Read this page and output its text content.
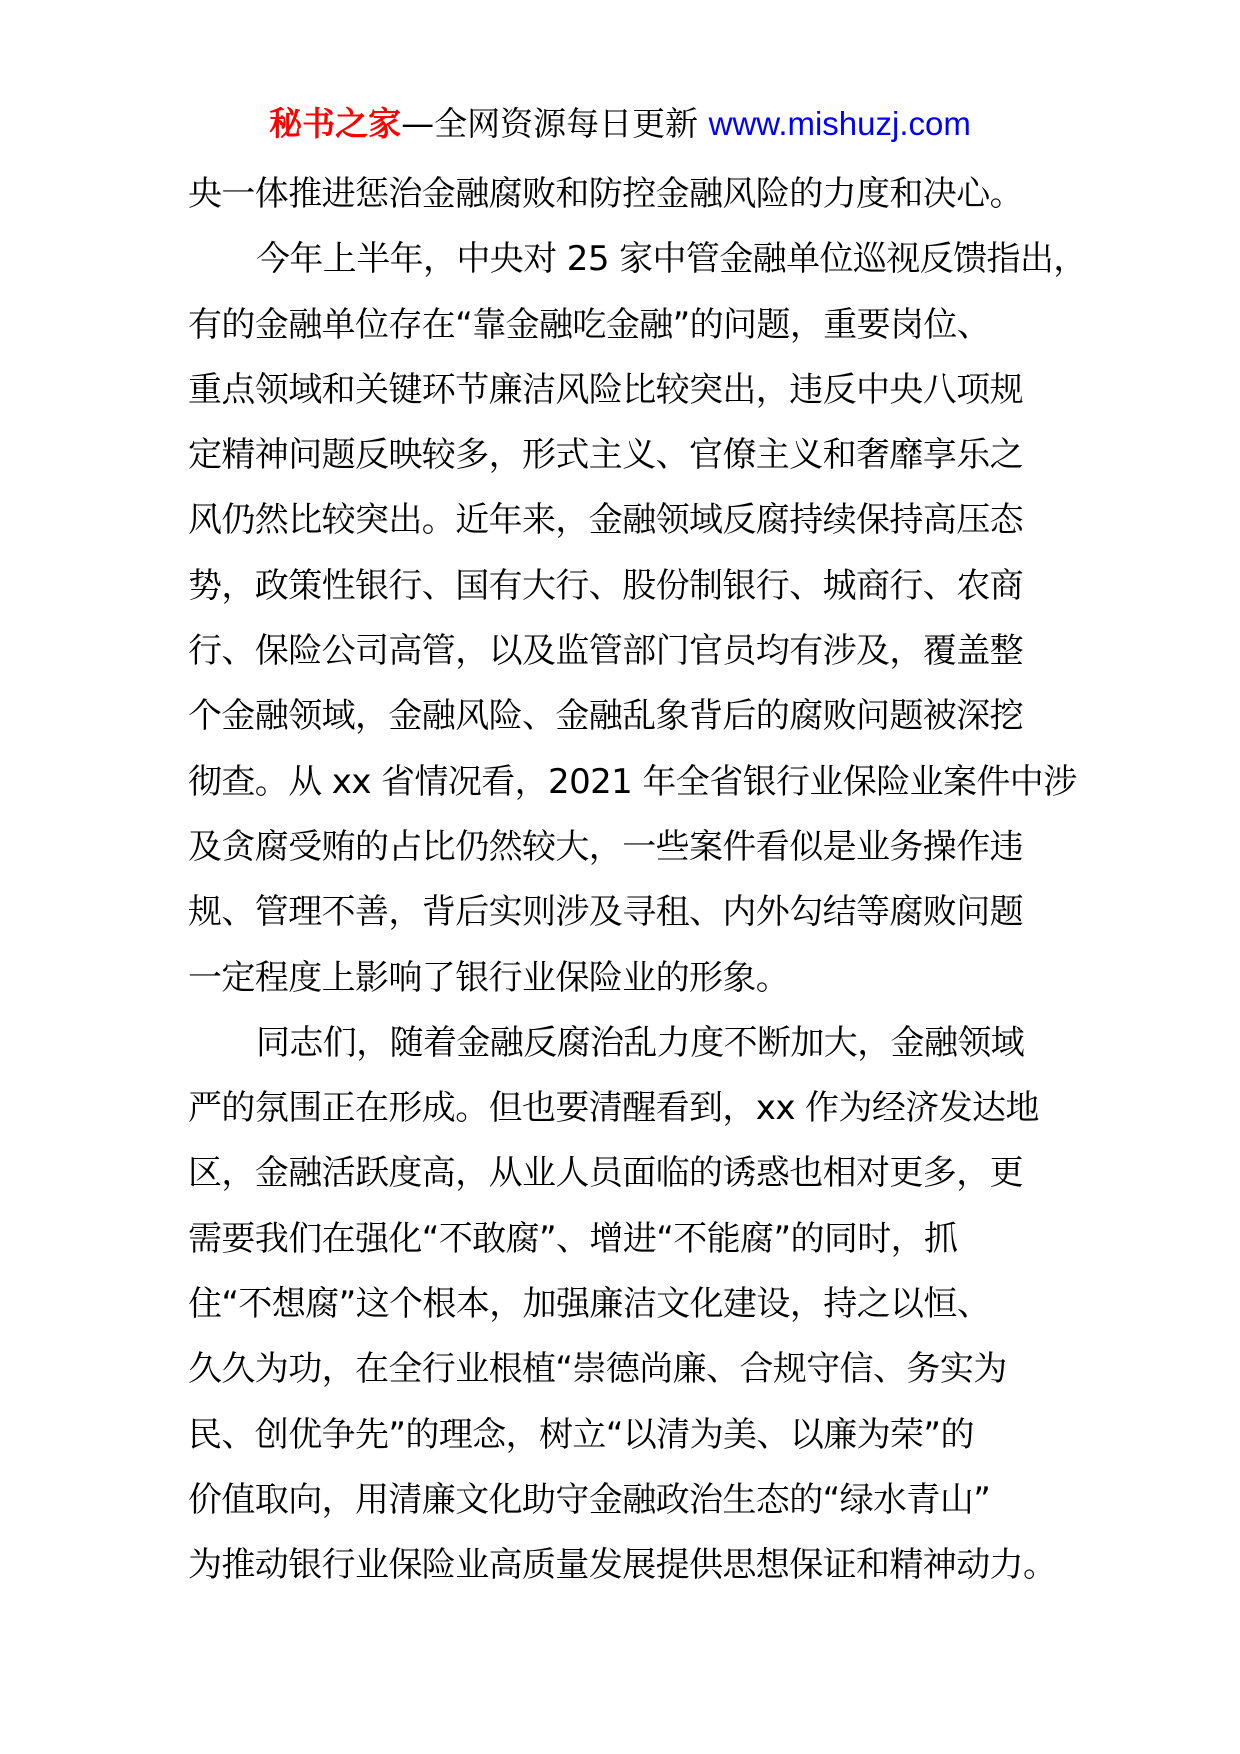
秘书之家—全网资源每日更新 www.mishuzj.com

央一体推进惩治金融腐败和防控金融风险的力度和决心。

今年上半年，中央对 25 家中管金融单位巡视反馈指出，
有的金融单位存在“靠金融吃金融”的问题，重要岗位、
重点领域和关键环节廉洁风险比较突出，违反中央八项规
定精神问题反映较多，形式主义、官僚主义和奢靡享乐之
风仍然比较突出。近年来，金融领域反腐持续保持高压态
势，政策性银行、国有大行、股份制银行、城商行、农商
行、保险公司高管，以及监管部门官员均有涉及，覆盖整
个金融领域，金融风险、金融乱象背后的腐败问题被深挖
彻查。从 xx 省情况看，2021 年全省银行业保险业案件中涉
及贪腐受贿的占比仍然较大，一些案件看似是业务操作违
规、管理不善，背后实则涉及寻租、内外勾结等腐败问题
一定程度上影响了银行业保险业的形象。

同志们，随着金融反腐治乱力度不断加大，金融领域
严的氛围正在形成。但也要清醒看到，xx 作为经济发达地
区，金融活跃度高，从业人员面临的诱惑也相对更多，更
需要我们在强化“不敢腐”、增进“不能腐”的同时，抓
住“不想腐”这个根本，加强廉洁文化建设，持之以恒、
久久为功，在全行业根植“崇德尚廉、合规守信、务实为
民、创优争先”的理念，树立“以清为美、以廉为荣”的
价值取向，用清廉文化助守金融政治生态的“绿水青山”
为推动银行业保险业高质量发展提供思想保证和精神动力。
